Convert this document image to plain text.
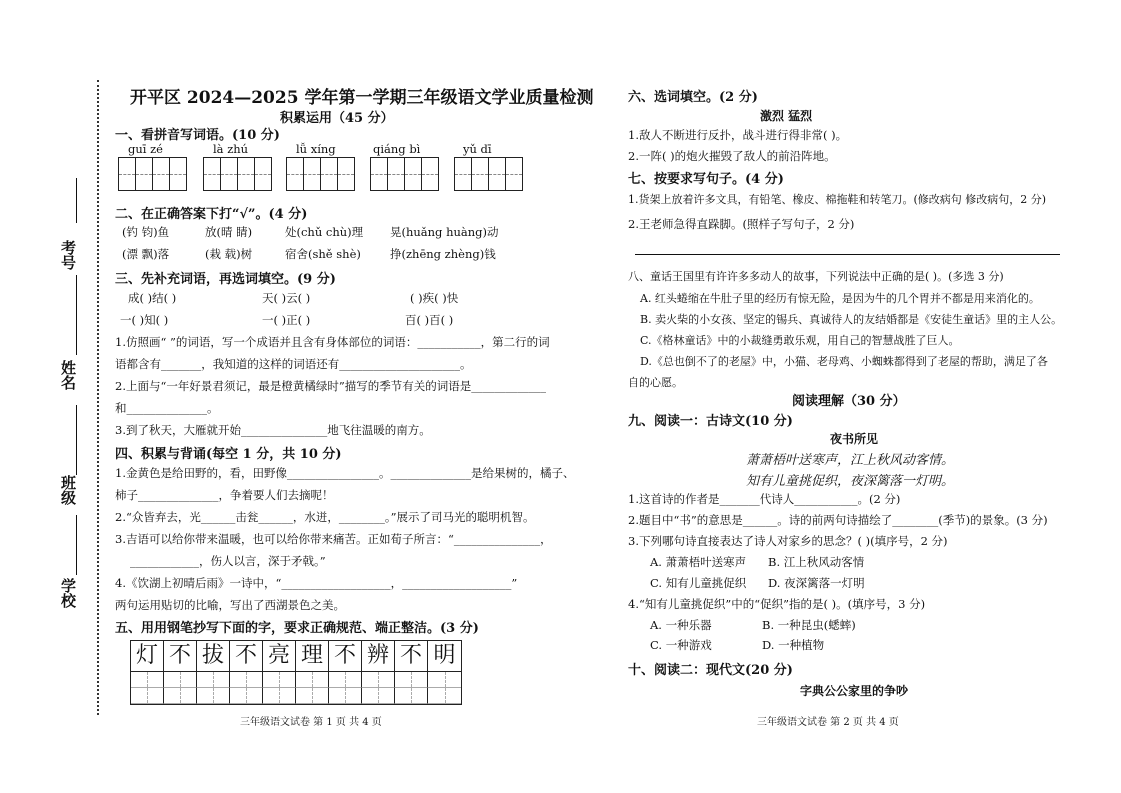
考号
姓名
班级
学校
开平区 2024—2025 学年第一学期三年级语文学业质量检测
积累运用（45 分）
一、看拼音写词语。(10 分)
guī zé	là zhú	lǚ xíng	qiáng bì	yǔ dī
二、在正确答案下打“√”。(4 分)
(钓 钧)鱼	放(晴 睛)	处(chǔ chù)理 晃(huǎng huàng)动
(漂 飘)落	(栽 载)树	宿舍(shě shè)	挣(zhēng zhèng)钱
三、先补充词语，再选词填空。(9 分)
成( )结( )	天( )云( )	( )疾( )快
一( )知( )	一( )正( )	百( )百( )
1.仿照画“ ”的词语，写一个成语并且含有身体部位的词语：___________，第二行的词
语都含有_______，我知道的这样的词语还有_____________________。
2.上面与“一年好景君须记，最是橙黄橘绿时”描写的季节有关的词语是_____________
和______________。
3.到了秋天，大雁就开始_______________地飞往温暖的南方。
四、积累与背诵(每空 1 分，共 10 分)
1.金黄色是给田野的，看，田野像________________。______________是给果树的，橘子、
柿子______________，争着要人们去摘呢！
2.“众皆弃去，光______击瓮______，水迸，________。”展示了司马光的聪明机智。
3.吉语可以给你带来温暖，也可以给你带来痛苦。正如荀子所言：“_______________，
____________，伤人以言，深于矛戟。”
4.《饮湖上初晴后雨》一诗中，“___________________，___________________”
两句运用贴切的比喻，写出了西湖景色之美。
五、用用钢笔抄写下面的字，要求正确规范、端正整洁。(3 分)
灯 不 拔 不 亮 理 不 辨 不 明
三年级语文试卷 第 1 页 共 4 页
六、选词填空。(2 分)
激烈 猛烈
1.敌人不断进行反扑，战斗进行得非常( )。
2.一阵( )的炮火摧毁了敌人的前沿阵地。
七、按要求写句子。(4 分)
1.货架上放着许多文具，有铅笔、橡皮、棉拖鞋和转笔刀。(修改病句 修改病句，2 分)
2.王老师急得直跺脚。(照样子写句子，2 分)
八、童话王国里有许许多多动人的故事，下列说法中正确的是( )。(多选 3 分)
A. 红头蜷缩在牛肚子里的经历有惊无险，是因为牛的几个胃并不都是用来消化的。
B. 卖火柴的小女孩、坚定的锡兵、真诚待人的友结婚都是《安徒生童话》里的主人公。
C.《格林童话》中的小裁缝勇敢乐观，用自己的智慧战胜了巨人。
D.《总也倒不了的老屋》中，小猫、老母鸡、小蜘蛛都得到了老屋的帮助，满足了各
自的心愿。
阅读理解（30 分）
九、阅读一：古诗文(10 分)
夜书所见
萧萧梧叶送寒声，江上秋风动客情。
知有儿童挑促织，夜深篱落一灯明。
1.这首诗的作者是_______代诗人___________。(2 分)
2.题目中“书”的意思是______。诗的前两句诗描绘了________(季节)的景象。(3 分)
3.下列哪句诗直接表达了诗人对家乡的思念？( )(填序号，2 分)
A. 萧萧梧叶送寒声 B. 江上秋风动客情
C. 知有儿童挑促织 D. 夜深篱落一灯明
4.“知有儿童挑促织”中的“促织”指的是( )。(填序号，3 分)
A. 一种乐器	B. 一种昆虫(蟋蟀)
C. 一种游戏	D. 一种植物
十、阅读二：现代文(20 分)
字典公公家里的争吵
三年级语文试卷 第 2 页 共 4 页
